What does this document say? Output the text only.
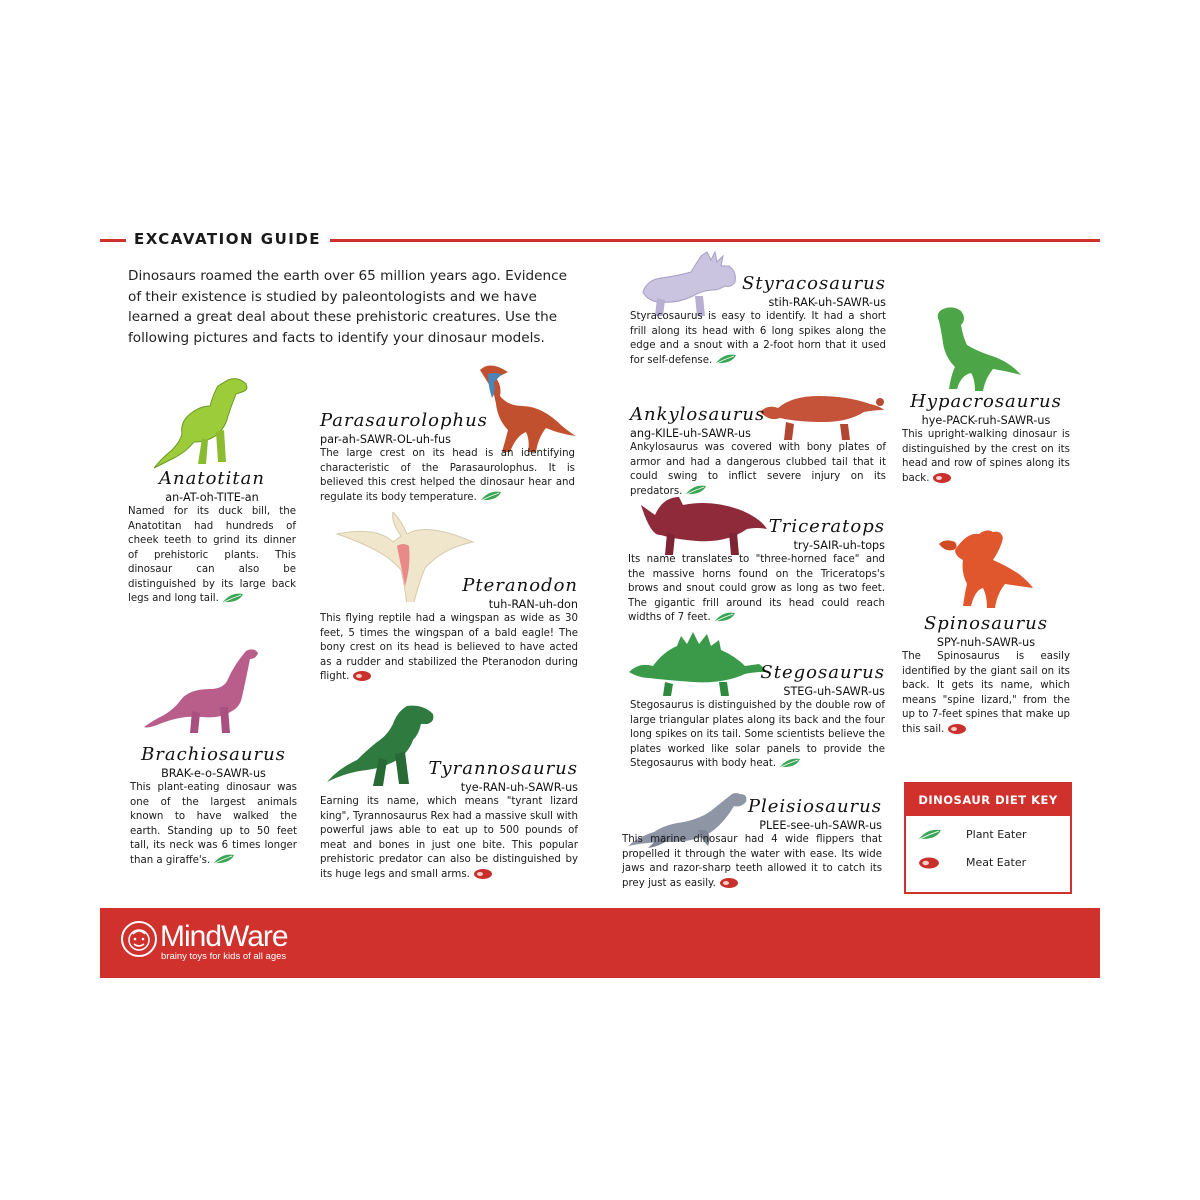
EXCAVATION GUIDE
Dinosaurs roamed the earth over 65 million years ago. Evidence of their existence is studied by paleontologists and we have learned a great deal about these prehistoric creatures. Use the following pictures and facts to identify your dinosaur models.
Anatotitan
an-AT-oh-TITE-an
Named for its duck bill, the Anatotitan had hundreds of cheek teeth to grind its dinner of prehistoric plants. This dinosaur can also be distinguished by its large back legs and long tail.
Parasaurolophus
par-ah-SAWR-OL-uh-fus
The large crest on its head is an identifying characteristic of the Parasaurolophus. It is believed this crest helped the dinosaur hear and regulate its body temperature.
Pteranodon
tuh-RAN-uh-don
This flying reptile had a wingspan as wide as 30 feet, 5 times the wingspan of a bald eagle! The bony crest on its head is believed to have acted as a rudder and stabilized the Pteranodon during flight.
Brachiosaurus
BRAK-e-o-SAWR-us
This plant-eating dinosaur was one of the largest animals known to have walked the earth. Standing up to 50 feet tall, its neck was 6 times longer than a giraffe's.
Tyrannosaurus
tye-RAN-uh-SAWR-us
Earning its name, which means "tyrant lizard king", Tyrannosaurus Rex had a massive skull with powerful jaws able to eat up to 500 pounds of meat and bones in just one bite. This popular prehistoric predator can also be distinguished by its huge legs and small arms.
Styracosaurus
stih-RAK-uh-SAWR-us
Styracosaurus is easy to identify. It had a short frill along its head with 6 long spikes along the edge and a snout with a 2-foot horn that it used for self-defense.
Ankylosaurus
ang-KILE-uh-SAWR-us
Ankylosaurus was covered with bony plates of armor and had a dangerous clubbed tail that it could swing to inflict severe injury on its predators.
Triceratops
try-SAIR-uh-tops
Its name translates to "three-horned face" and the massive horns found on the Triceratops's brows and snout could grow as long as two feet. The gigantic frill around its head could reach widths of 7 feet.
Stegosaurus
STEG-uh-SAWR-us
Stegosaurus is distinguished by the double row of large triangular plates along its back and the four long spikes on its tail. Some scientists believe the plates worked like solar panels to provide the Stegosaurus with body heat.
Pleisiosaurus
PLEE-see-uh-SAWR-us
This marine dinosaur had 4 wide flippers that propelled it through the water with ease. Its wide jaws and razor-sharp teeth allowed it to catch its prey just as easily.
Hypacrosaurus
hye-PACK-ruh-SAWR-us
This upright-walking dinosaur is distinguished by the crest on its head and row of spines along its back.
Spinosaurus
SPY-nuh-SAWR-us
The Spinosaurus is easily identified by the giant sail on its back. It gets its name, which means "spine lizard," from the up to 7-feet spines that make up this sail.
DINOSAUR DIET KEY
Plant Eater
Meat Eater
MindWare
brainy toys for kids of all ages
